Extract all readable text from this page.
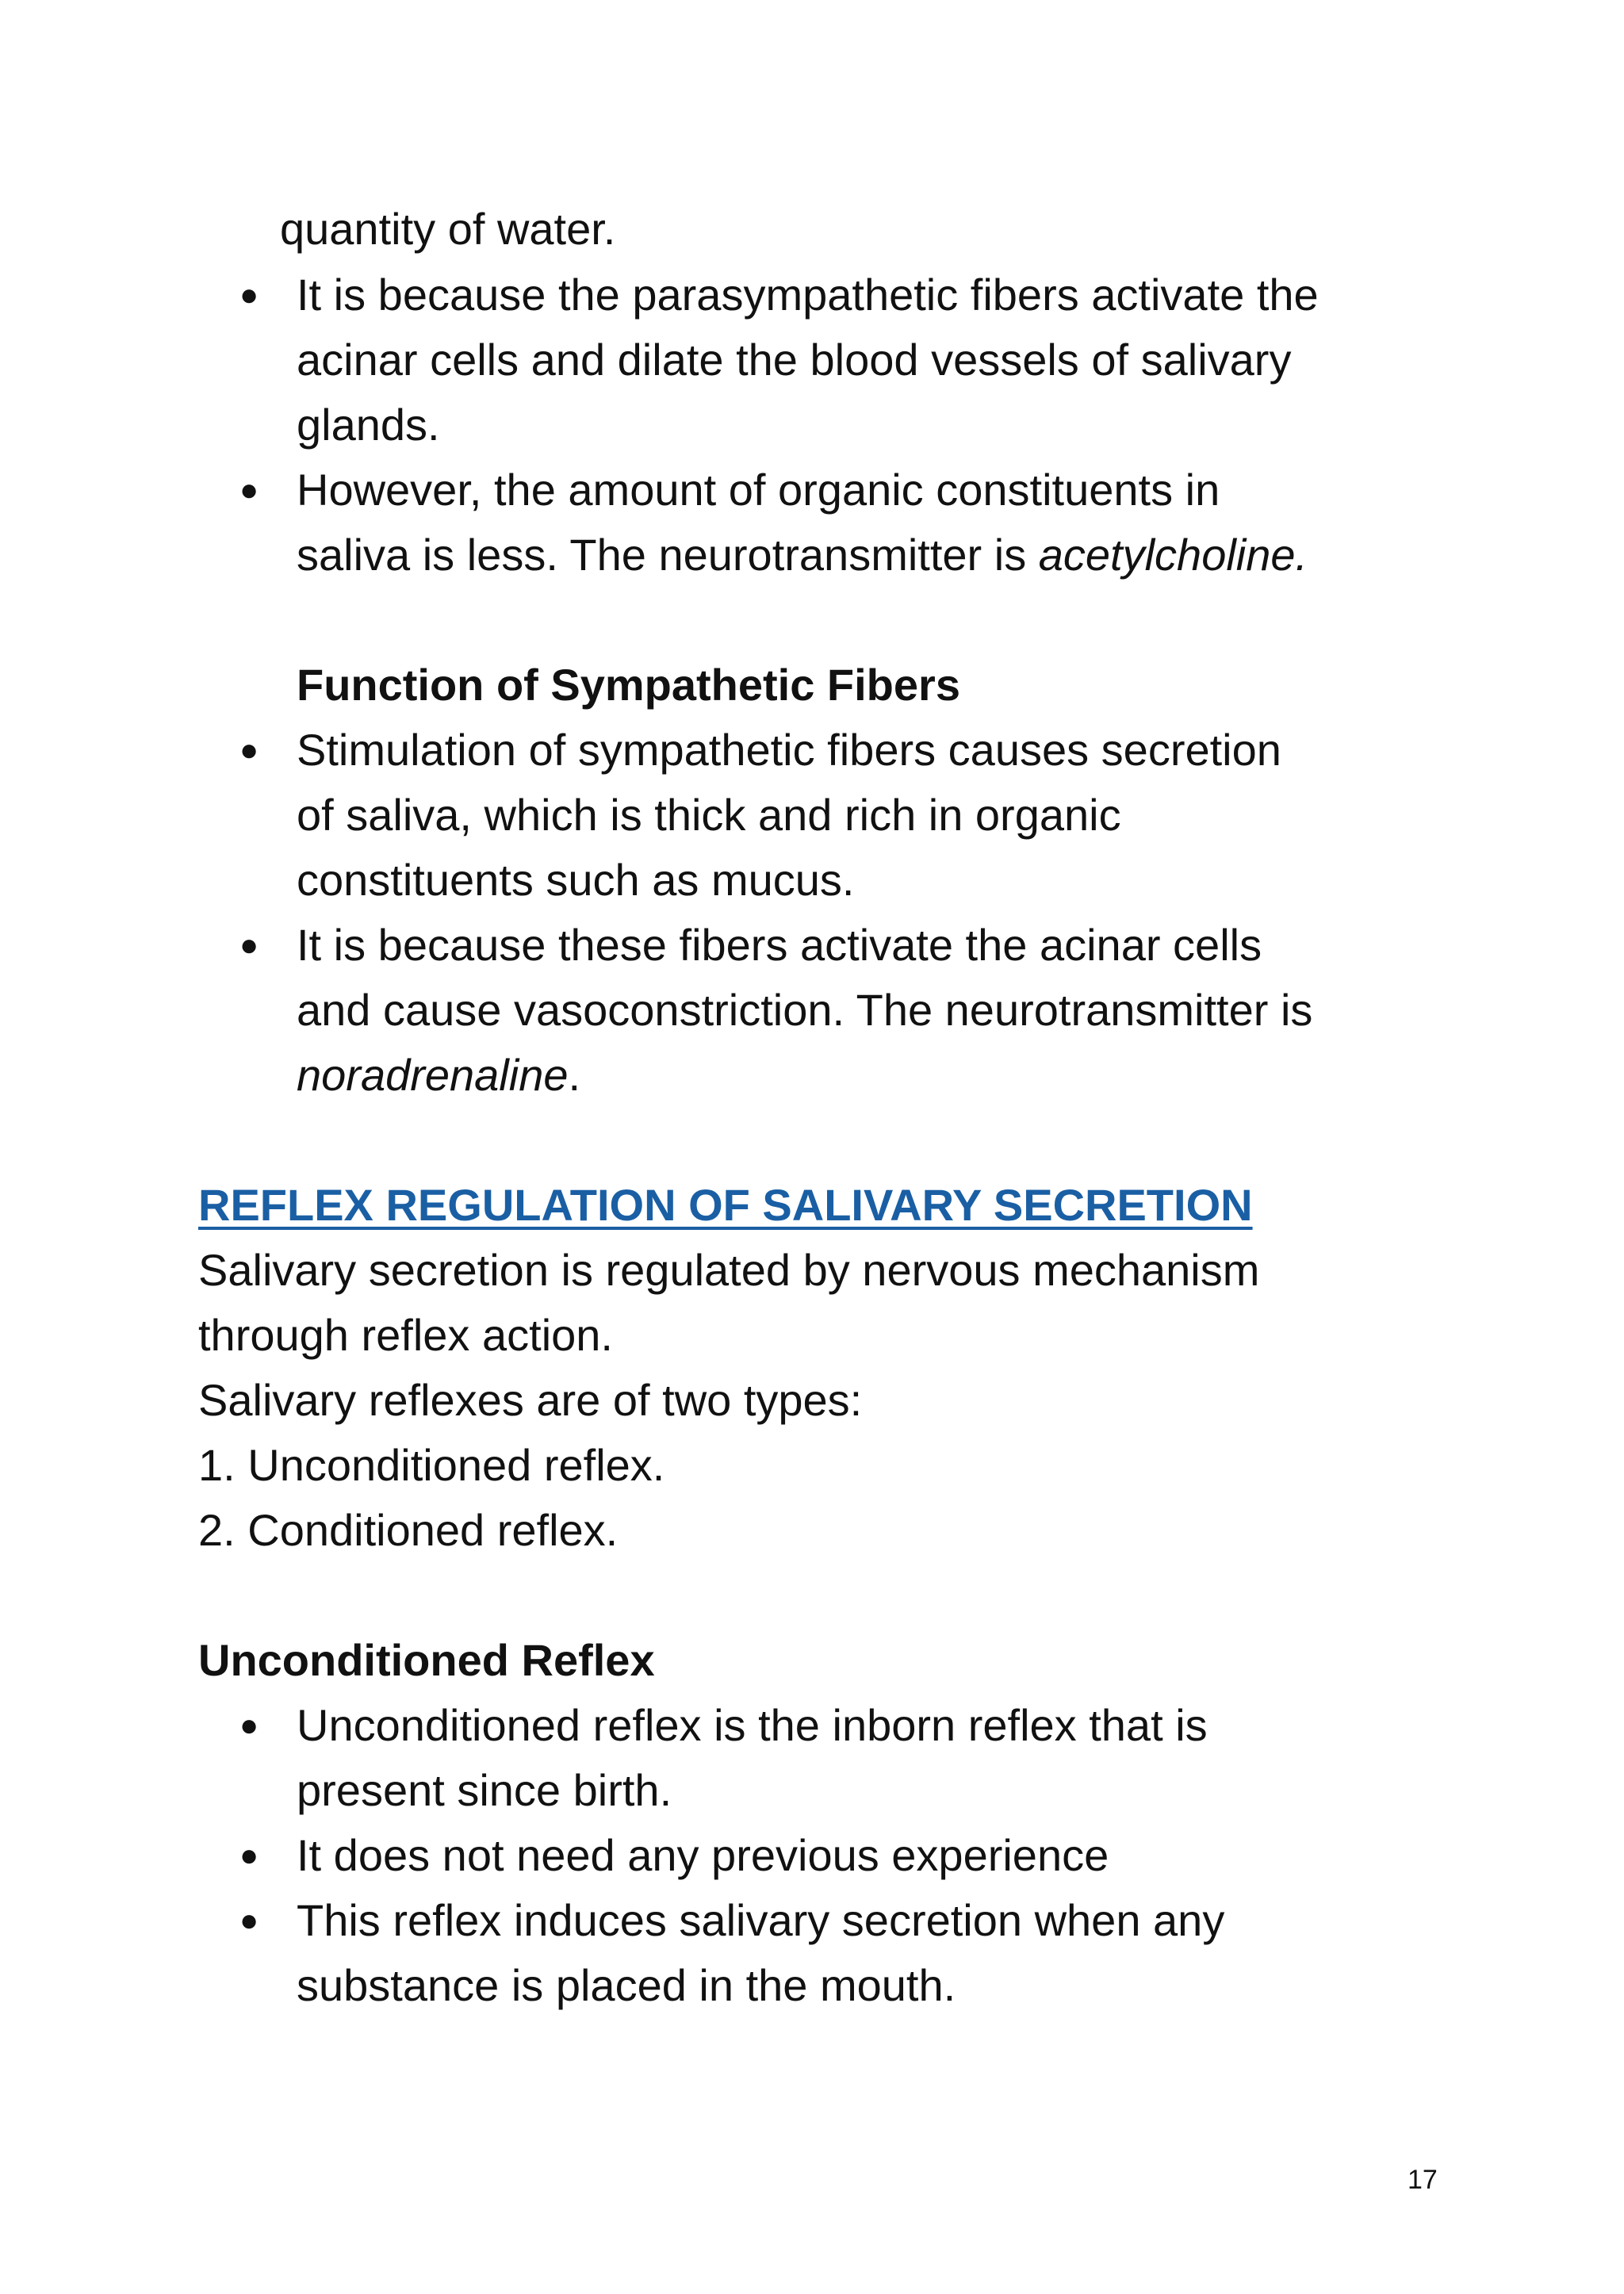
quantity of water.
● It is because the parasympathetic fibers activate the
acinar cells and dilate the blood vessels of salivary
glands.
● However, the amount of organic constituents in
saliva is less. The neurotransmitter is acetylcholine.
Function of Sympathetic Fibers
● Stimulation of sympathetic fibers causes secretion
of saliva, which is thick and rich in organic
constituents such as mucus.
● It is because these fibers activate the acinar cells
and cause vasoconstriction. The neurotransmitter is
noradrenaline.
REFLEX REGULATION OF SALIVARY SECRETION
Salivary secretion is regulated by nervous mechanism
through reflex action.
Salivary reflexes are of two types:
1. Unconditioned reflex.
2. Conditioned reflex.
Unconditioned Reflex
● Unconditioned reflex is the inborn reflex that is
present since birth.
● It does not need any previous experience
● This reflex induces salivary secretion when any
substance is placed in the mouth.
17
